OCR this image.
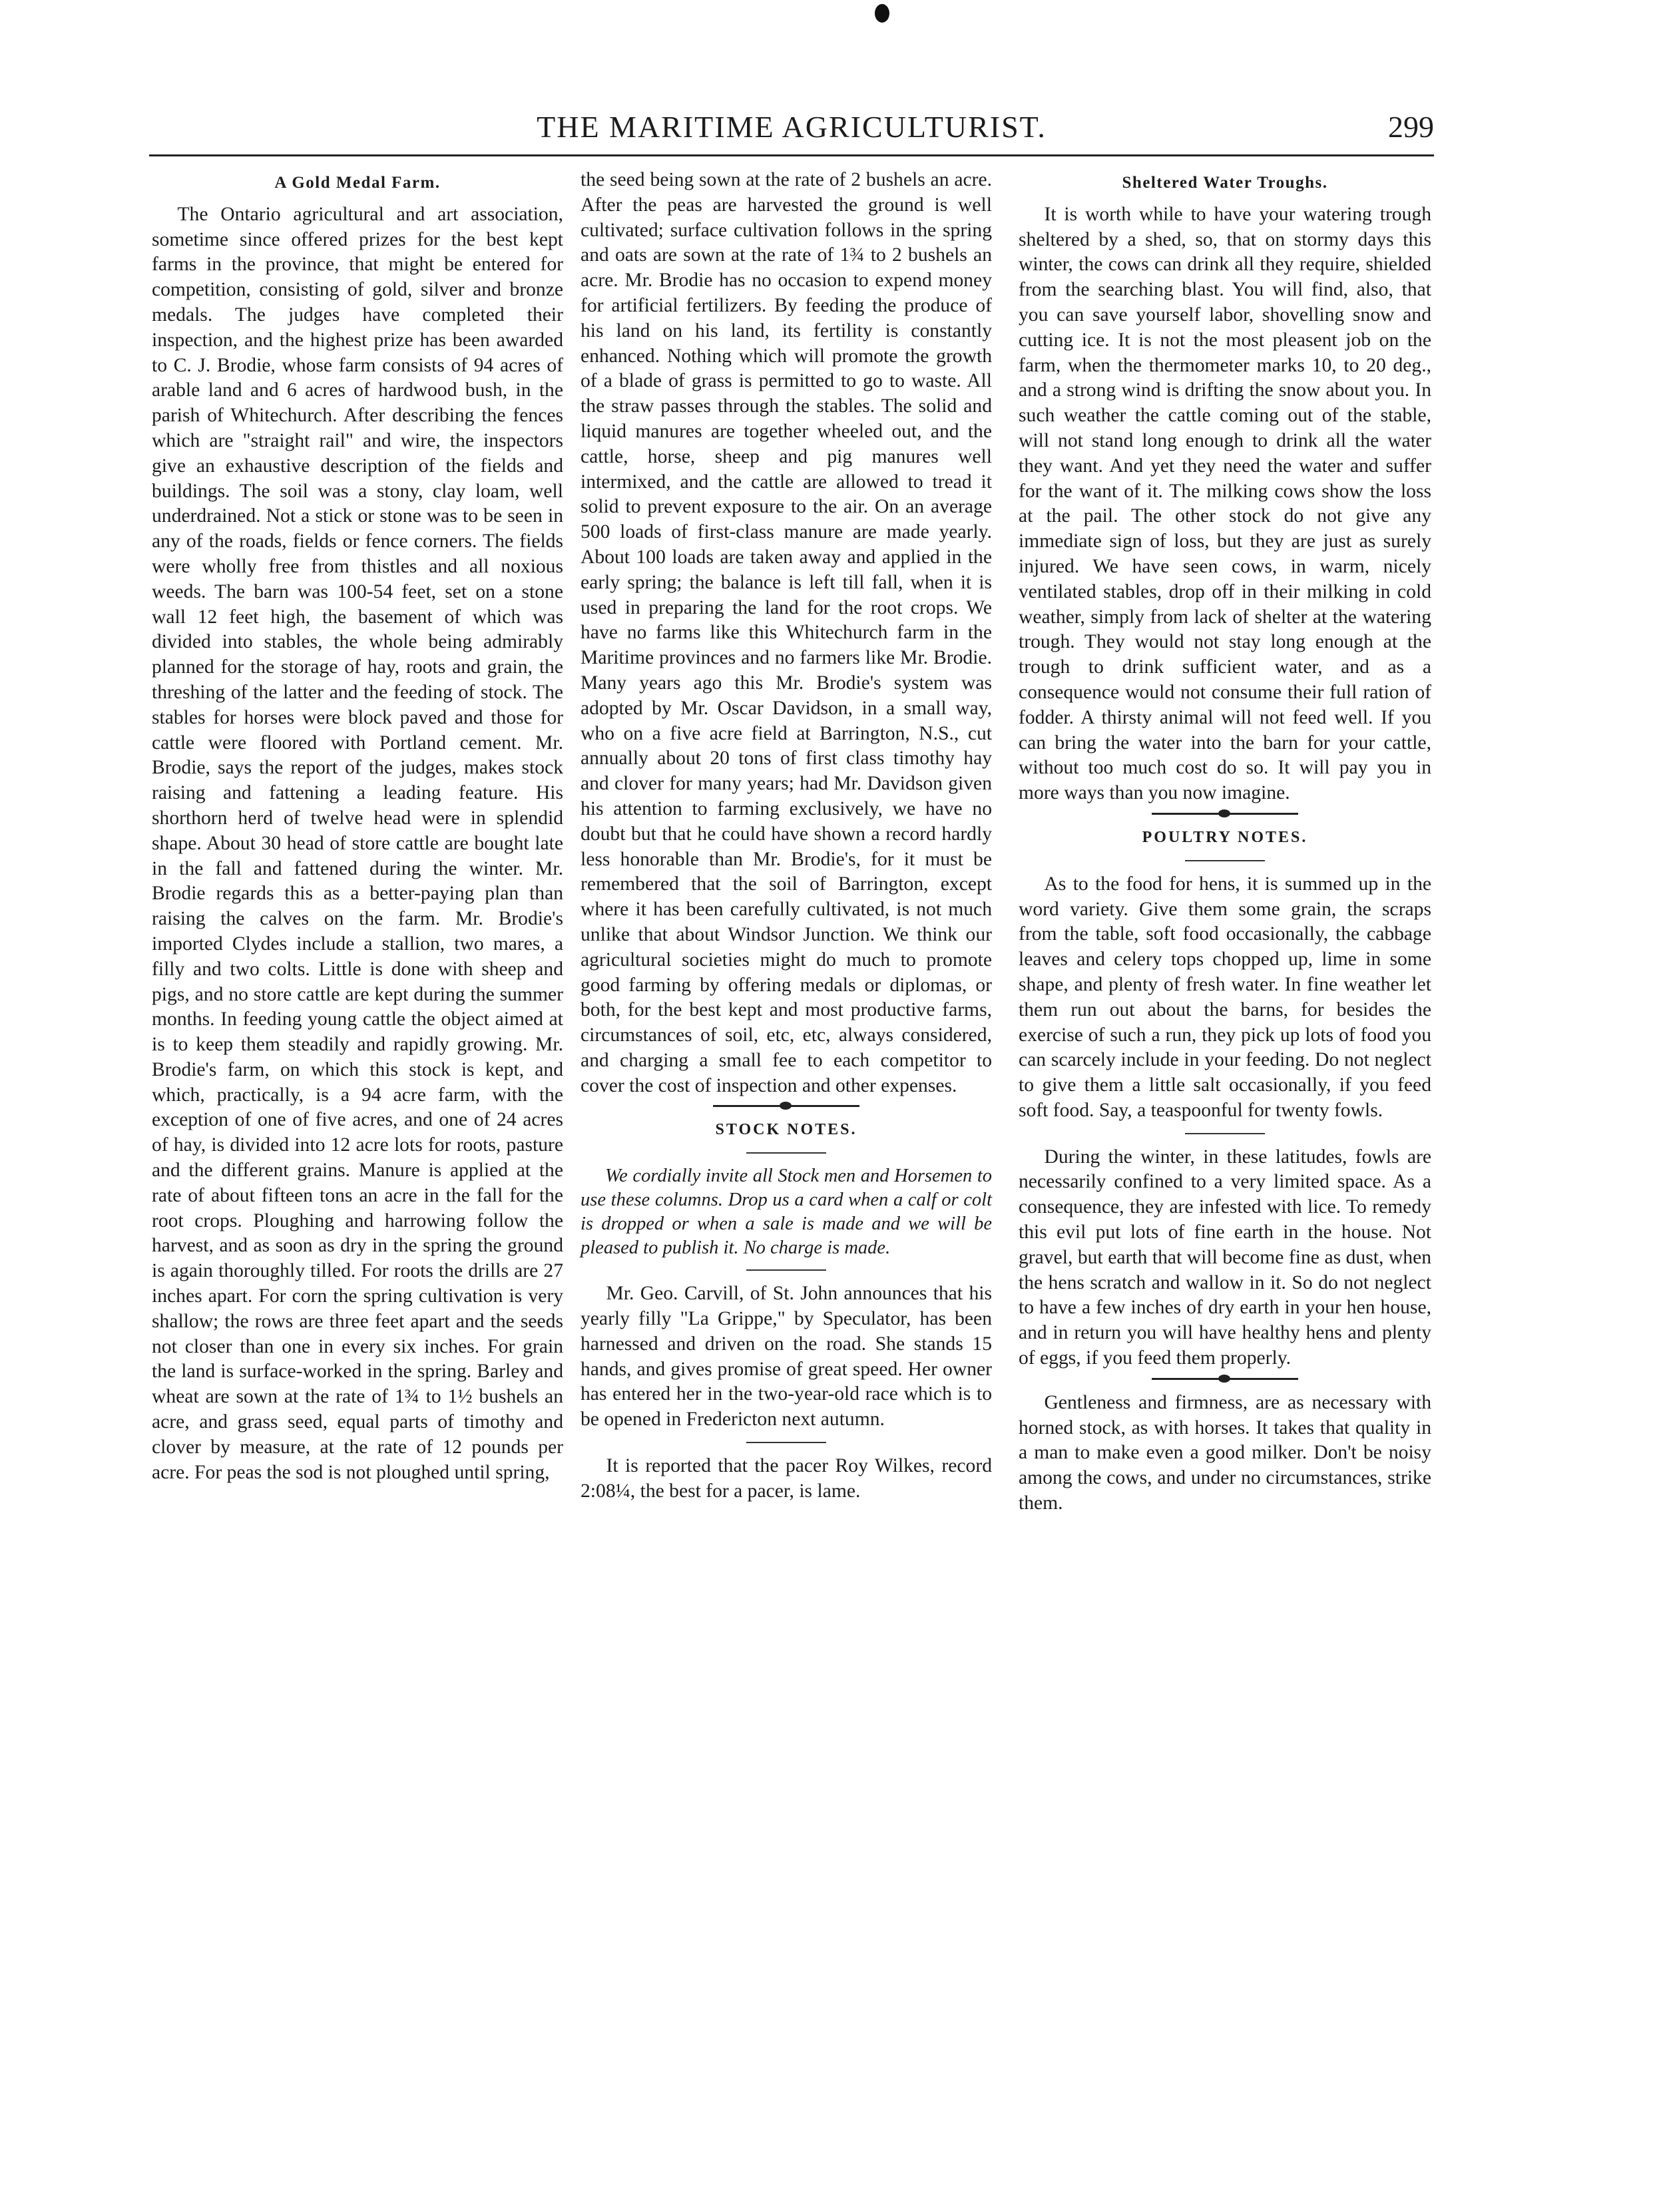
THE MARITIME AGRICULTURIST.	299
A Gold Medal Farm.

The Ontario agricultural and art association, sometime since offered prizes for the best kept farms in the province, that might be entered for competition, consisting of gold, silver and bronze medals. The judges have completed their inspection, and the highest prize has been awarded to C. J. Brodie, whose farm consists of 94 acres of arable land and 6 acres of hardwood bush, in the parish of Whitechurch. After describing the fences which are "straight rail" and wire, the inspectors give an exhaustive description of the fields and buildings. The soil was a stony, clay loam, well underdrained. Not a stick or stone was to be seen in any of the roads, fields or fence corners. The fields were wholly free from thistles and all noxious weeds. The barn was 100-54 feet, set on a stone wall 12 feet high, the basement of which was divided into stables, the whole being admirably planned for the storage of hay, roots and grain, the threshing of the latter and the feeding of stock. The stables for horses were block paved and those for cattle were floored with Portland cement. Mr. Brodie, says the report of the judges, makes stock raising and fattening a leading feature. His shorthorn herd of twelve head were in splendid shape. About 30 head of store cattle are bought late in the fall and fattened during the winter. Mr. Brodie regards this as a better-paying plan than raising the calves on the farm. Mr. Brodie's imported Clydes include a stallion, two mares, a filly and two colts. Little is done with sheep and pigs, and no store cattle are kept during the summer months. In feeding young cattle the object aimed at is to keep them steadily and rapidly growing. Mr. Brodie's farm, on which this stock is kept, and which, practically, is a 94 acre farm, with the exception of one of five acres, and one of 24 acres of hay, is divided into 12 acre lots for roots, pasture and the different grains. Manure is applied at the rate of about fifteen tons an acre in the fall for the root crops. Ploughing and harrowing follow the harvest, and as soon as dry in the spring the ground is again thoroughly tilled. For roots the drills are 27 inches apart. For corn the spring cultivation is very shallow; the rows are three feet apart and the seeds not closer than one in every six inches. For grain the land is surface-worked in the spring. Barley and wheat are sown at the rate of 1¾ to 1½ bushels an acre, and grass seed, equal parts of timothy and clover by measure, at the rate of 12 pounds per acre. For peas the sod is not ploughed until spring,

the seed being sown at the rate of 2 bushels an acre. After the peas are harvested the ground is well cultivated; surface cultivation follows in the spring and oats are sown at the rate of 1¾ to 2 bushels an acre. Mr. Brodie has no occasion to expend money for artificial fertilizers. By feeding the produce of his land on his land, its fertility is constantly enhanced. Nothing which will promote the growth of a blade of grass is permitted to go to waste. All the straw passes through the stables. The solid and liquid manures are together wheeled out, and the cattle, horse, sheep and pig manures well intermixed, and the cattle are allowed to tread it solid to prevent exposure to the air. On an average 500 loads of first-class manure are made yearly. About 100 loads are taken away and applied in the early spring; the balance is left till fall, when it is used in preparing the land for the root crops. We have no farms like this Whitechurch farm in the Maritime provinces and no farmers like Mr. Brodie. Many years ago this Mr. Brodie's system was adopted by Mr. Oscar Davidson, in a small way, who on a five acre field at Barrington, N.S., cut annually about 20 tons of first class timothy hay and clover for many years; had Mr. Davidson given his attention to farming exclusively, we have no doubt but that he could have shown a record hardly less honorable than Mr. Brodie's, for it must be remembered that the soil of Barrington, except where it has been carefully cultivated, is not much unlike that about Windsor Junction. We think our agricultural societies might do much to promote good farming by offering medals or diplomas, or both, for the best kept and most productive farms, circumstances of soil, etc, etc, always considered, and charging a small fee to each competitor to cover the cost of inspection and other expenses.

STOCK NOTES.

We cordially invite all Stock men and Horsemen to use these columns. Drop us a card when a calf or colt is dropped or when a sale is made and we will be pleased to publish it. No charge is made.

Mr. Geo. Carvill, of St. John announces that his yearly filly "La Grippe," by Speculator, has been harnessed and driven on the road. She stands 15 hands, and gives promise of great speed. Her owner has entered her in the two-year-old race which is to be opened in Fredericton next autumn.

It is reported that the pacer Roy Wilkes, record 2:08¼, the best for a pacer, is lame.

Sheltered Water Troughs.

It is worth while to have your watering trough sheltered by a shed, so, that on stormy days this winter, the cows can drink all they require, shielded from the searching blast. You will find, also, that you can save yourself labor, shovelling snow and cutting ice. It is not the most pleasent job on the farm, when the thermometer marks 10, to 20 deg., and a strong wind is drifting the snow about you. In such weather the cattle coming out of the stable, will not stand long enough to drink all the water they want. And yet they need the water and suffer for the want of it. The milking cows show the loss at the pail. The other stock do not give any immediate sign of loss, but they are just as surely injured. We have seen cows, in warm, nicely ventilated stables, drop off in their milking in cold weather, simply from lack of shelter at the watering trough. They would not stay long enough at the trough to drink sufficient water, and as a consequence would not consume their full ration of fodder. A thirsty animal will not feed well. If you can bring the water into the barn for your cattle, without too much cost do so. It will pay you in more ways than you now imagine.

POULTRY NOTES.

As to the food for hens, it is summed up in the word variety. Give them some grain, the scraps from the table, soft food occasionally, the cabbage leaves and celery tops chopped up, lime in some shape, and plenty of fresh water. In fine weather let them run out about the barns, for besides the exercise of such a run, they pick up lots of food you can scarcely include in your feeding. Do not neglect to give them a little salt occasionally, if you feed soft food. Say, a teaspoonful for twenty fowls.

During the winter, in these latitudes, fowls are necessarily confined to a very limited space. As a consequence, they are infested with lice. To remedy this evil put lots of fine earth in the house. Not gravel, but earth that will become fine as dust, when the hens scratch and wallow in it. So do not neglect to have a few inches of dry earth in your hen house, and in return you will have healthy hens and plenty of eggs, if you feed them properly.

Gentleness and firmness, are as necessary with horned stock, as with horses. It takes that quality in a man to make even a good milker. Don't be noisy among the cows, and under no circumstances, strike them.
